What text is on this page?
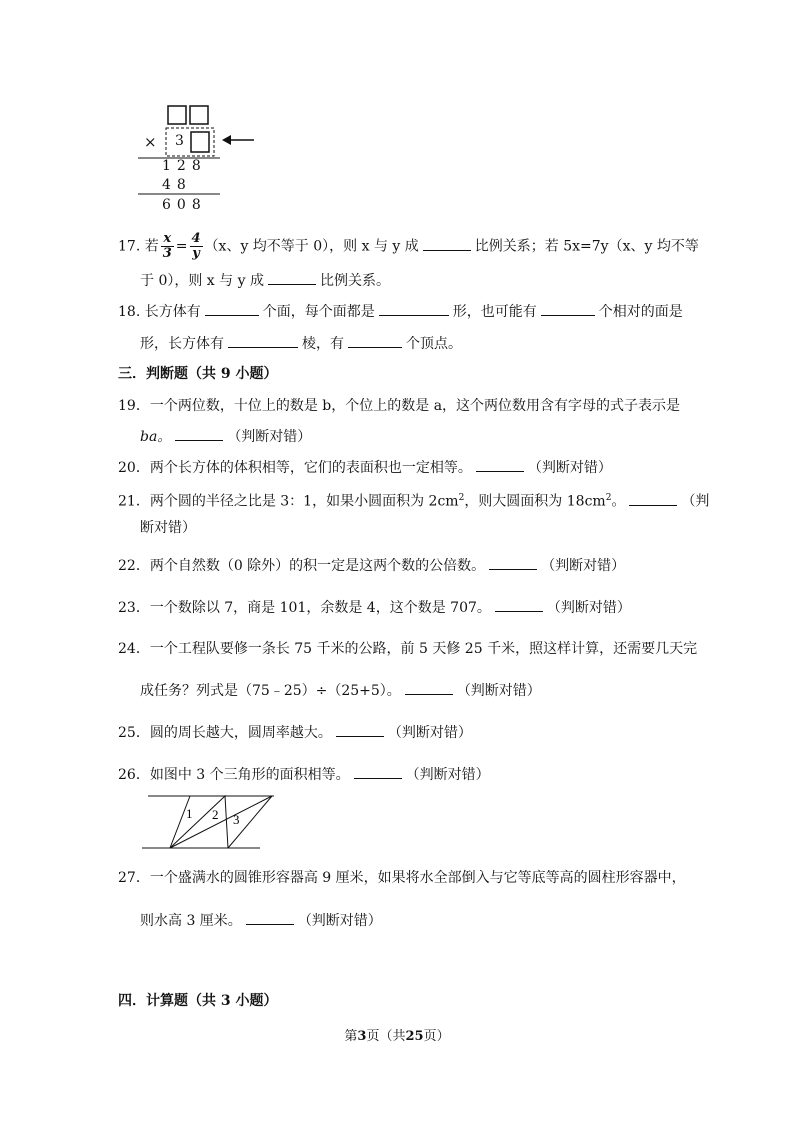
× 3
128
48
608
17. 若 $\frac{x}{3} = \frac{4}{y} (x$、y 均不等于 0），则 x 与 y 成	比例关系；若 5x=7y（x、y 均不等
于 0），则 x 与 y 成	比例关系。
18. 长方体有	个面，每个面都是	形，也可能有	个相对的面是
形，长方体有	棱，有	个顶点。
三．判断题（共 9 小题）
19．一个两位数，十位上的数是 b，个位上的数是 a，这个两位数用含有字母的式子表示是
ba。	（判断对错）
20．两个长方体的体积相等，它们的表面积也一定相等。	（判断对错）
21．两个圆的半径之比是 3：1，如果小圆面积为 $2cm^2$，则大圆面积为 $18cm^2$。	（判
断对错）
22．两个自然数（0 除外）的积一定是这两个数的公倍数。	（判断对错）
23．一个数除以 7，商是 101，余数是 4，这个数是 707。	（判断对错）
24．一个工程队要修一条长 75 千米的公路，前 5 天修 25 千米，照这样计算，还需要几天完
成任务？列式是（75﹣25）÷（25+5）。	（判断对错）
25．圆的周长越大，圆周率越大。	（判断对错）
26．如图中 3 个三角形的面积相等。	（判断对错）
1 2 3
27．一个盛满水的圆锥形容器高 9 厘米，如果将水全部倒入与它等底等高的圆柱形容器中，
则水高 3 厘米。	（判断对错）
四．计算题（共 3 小题）
第3页（共25页）
